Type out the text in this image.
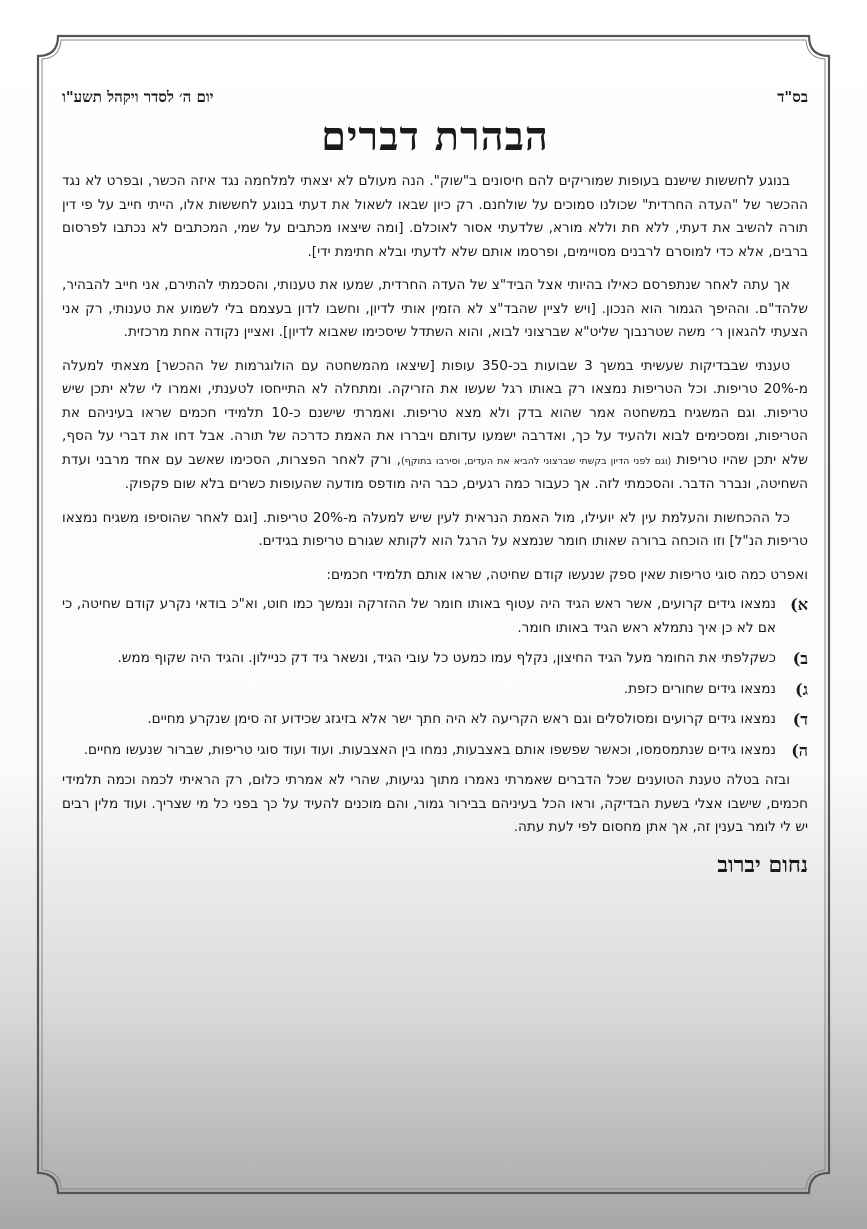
בס"ד
יום ה׳ לסדר ויקהל תשע"ו
הבהרת דברים

בנוגע לחששות שישנם בעופות שמוריקים להם חיסונים ב"שוק". הנה מעולם לא יצאתי למלחמה נגד איזה הכשר, ובפרט לא נגד ההכשר של "העדה החרדית" שכולנו סמוכים על שולחנם. רק כיון שבאו לשאול את דעתי בנוגע לחששות אלו, הייתי חייב על פי דין תורה להשיב את דעתי, ללא חת וללא מורא, שלדעתי אסור לאוכלם. [ומה שיצאו מכתבים על שמי, המכתבים לא נכתבו לפרסום ברבים, אלא כדי למוסרם לרבנים מסויימים, ופרסמו אותם שלא לדעתי ובלא חתימת ידי].

אך עתה לאחר שנתפרסם כאילו בהיותי אצל הביד"צ של העדה החרדית, שמעו את טענותי, והסכמתי להתירם, אני חייב להבהיר, שלהד"ם. וההיפך הגמור הוא הנכון. [ויש לציין שהבד"צ לא הזמין אותי לדיון, וחשבו לדון בעצמם בלי לשמוע את טענותי, רק אני הצעתי להגאון ר׳ משה שטרנבוך שליט"א שברצוני לבוא, והוא השתדל שיסכימו שאבוא לדיון]. ואציין נקודה אחת מרכזית.

טענתי שבבדיקות שעשיתי במשך 3 שבועות בכ-350 עופות [שיצאו מהמשחטה עם הולוגרמות של ההכשר] מצאתי למעלה מ-20% טריפות. וכל הטריפות נמצאו רק באותו רגל שעשו את הזריקה. ומתחלה לא התייחסו לטענתי, ואמרו לי שלא יתכן שיש טריפות. וגם המשגיח במשחטה אמר שהוא בדק ולא מצא טריפות. ואמרתי שישנם כ-10 תלמידי חכמים שראו בעיניהם את הטריפות, ומסכימים לבוא ולהעיד על כך, ואדרבה ישמעו עדותם ויבררו את האמת כדרכה של תורה. אבל דחו את דברי על הסף, שלא יתכן שהיו טריפות (וגם לפני הדיון בקשתי שברצוני להביא את העדים, וסירבו בתוקף), ורק לאחר הפצרות, הסכימו שאשב עם אחד מרבני ועדת השחיטה, ונברר הדבר. והסכמתי לזה. אך כעבור כמה רגעים, כבר היה מודפס מודעה שהעופות כשרים בלא שום פקפוק.

כל ההכחשות והעלמת עין לא יועילו, מול האמת הנראית לעין שיש למעלה מ-20% טריפות. [וגם לאחר שהוסיפו משגיח נמצאו טריפות הנ"ל] וזו הוכחה ברורה שאותו חומר שנמצא על הרגל הוא לקותא שגורם טריפות בגידים.

ואפרט כמה סוגי טריפות שאין ספק שנעשו קודם שחיטה, שראו אותם תלמידי חכמים:

א)
נמצאו גידים קרועים, אשר ראש הגיד היה עטוף באותו חומר של ההזרקה ונמשך כמו חוט, וא"כ בודאי נקרע קודם שחיטה, כי אם לא כן איך נתמלא ראש הגיד באותו חומר.
ב)
כשקלפתי את החומר מעל הגיד החיצון, נקלף עמו כמעט כל עובי הגיד, ונשאר גיד דק כניילון. והגיד היה שקוף ממש.
ג)
נמצאו גידים שחורים כזפת.
ד)
נמצאו גידים קרועים ומסולסלים וגם ראש הקריעה לא היה חתך ישר אלא בזיגזג שכידוע זה סימן שנקרע מחיים.
ה)
נמצאו גידים שנתמסמסו, וכאשר שפשפו אותם באצבעות, נמחו בין האצבעות. ועוד ועוד סוגי טריפות, שברור שנעשו מחיים.

ובזה בטלה טענת הטוענים שכל הדברים שאמרתי נאמרו מתוך נגיעות, שהרי לא אמרתי כלום, רק הראיתי לכמה וכמה תלמידי חכמים, שישבו אצלי בשעת הבדיקה, וראו הכל בעיניהם בבירור גמור, והם מוכנים להעיד על כך בפני כל מי שצריך. ועוד מלין רבים יש לי לומר בענין זה, אך אתן מחסום לפי לעת עתה.

נחום יברוב
